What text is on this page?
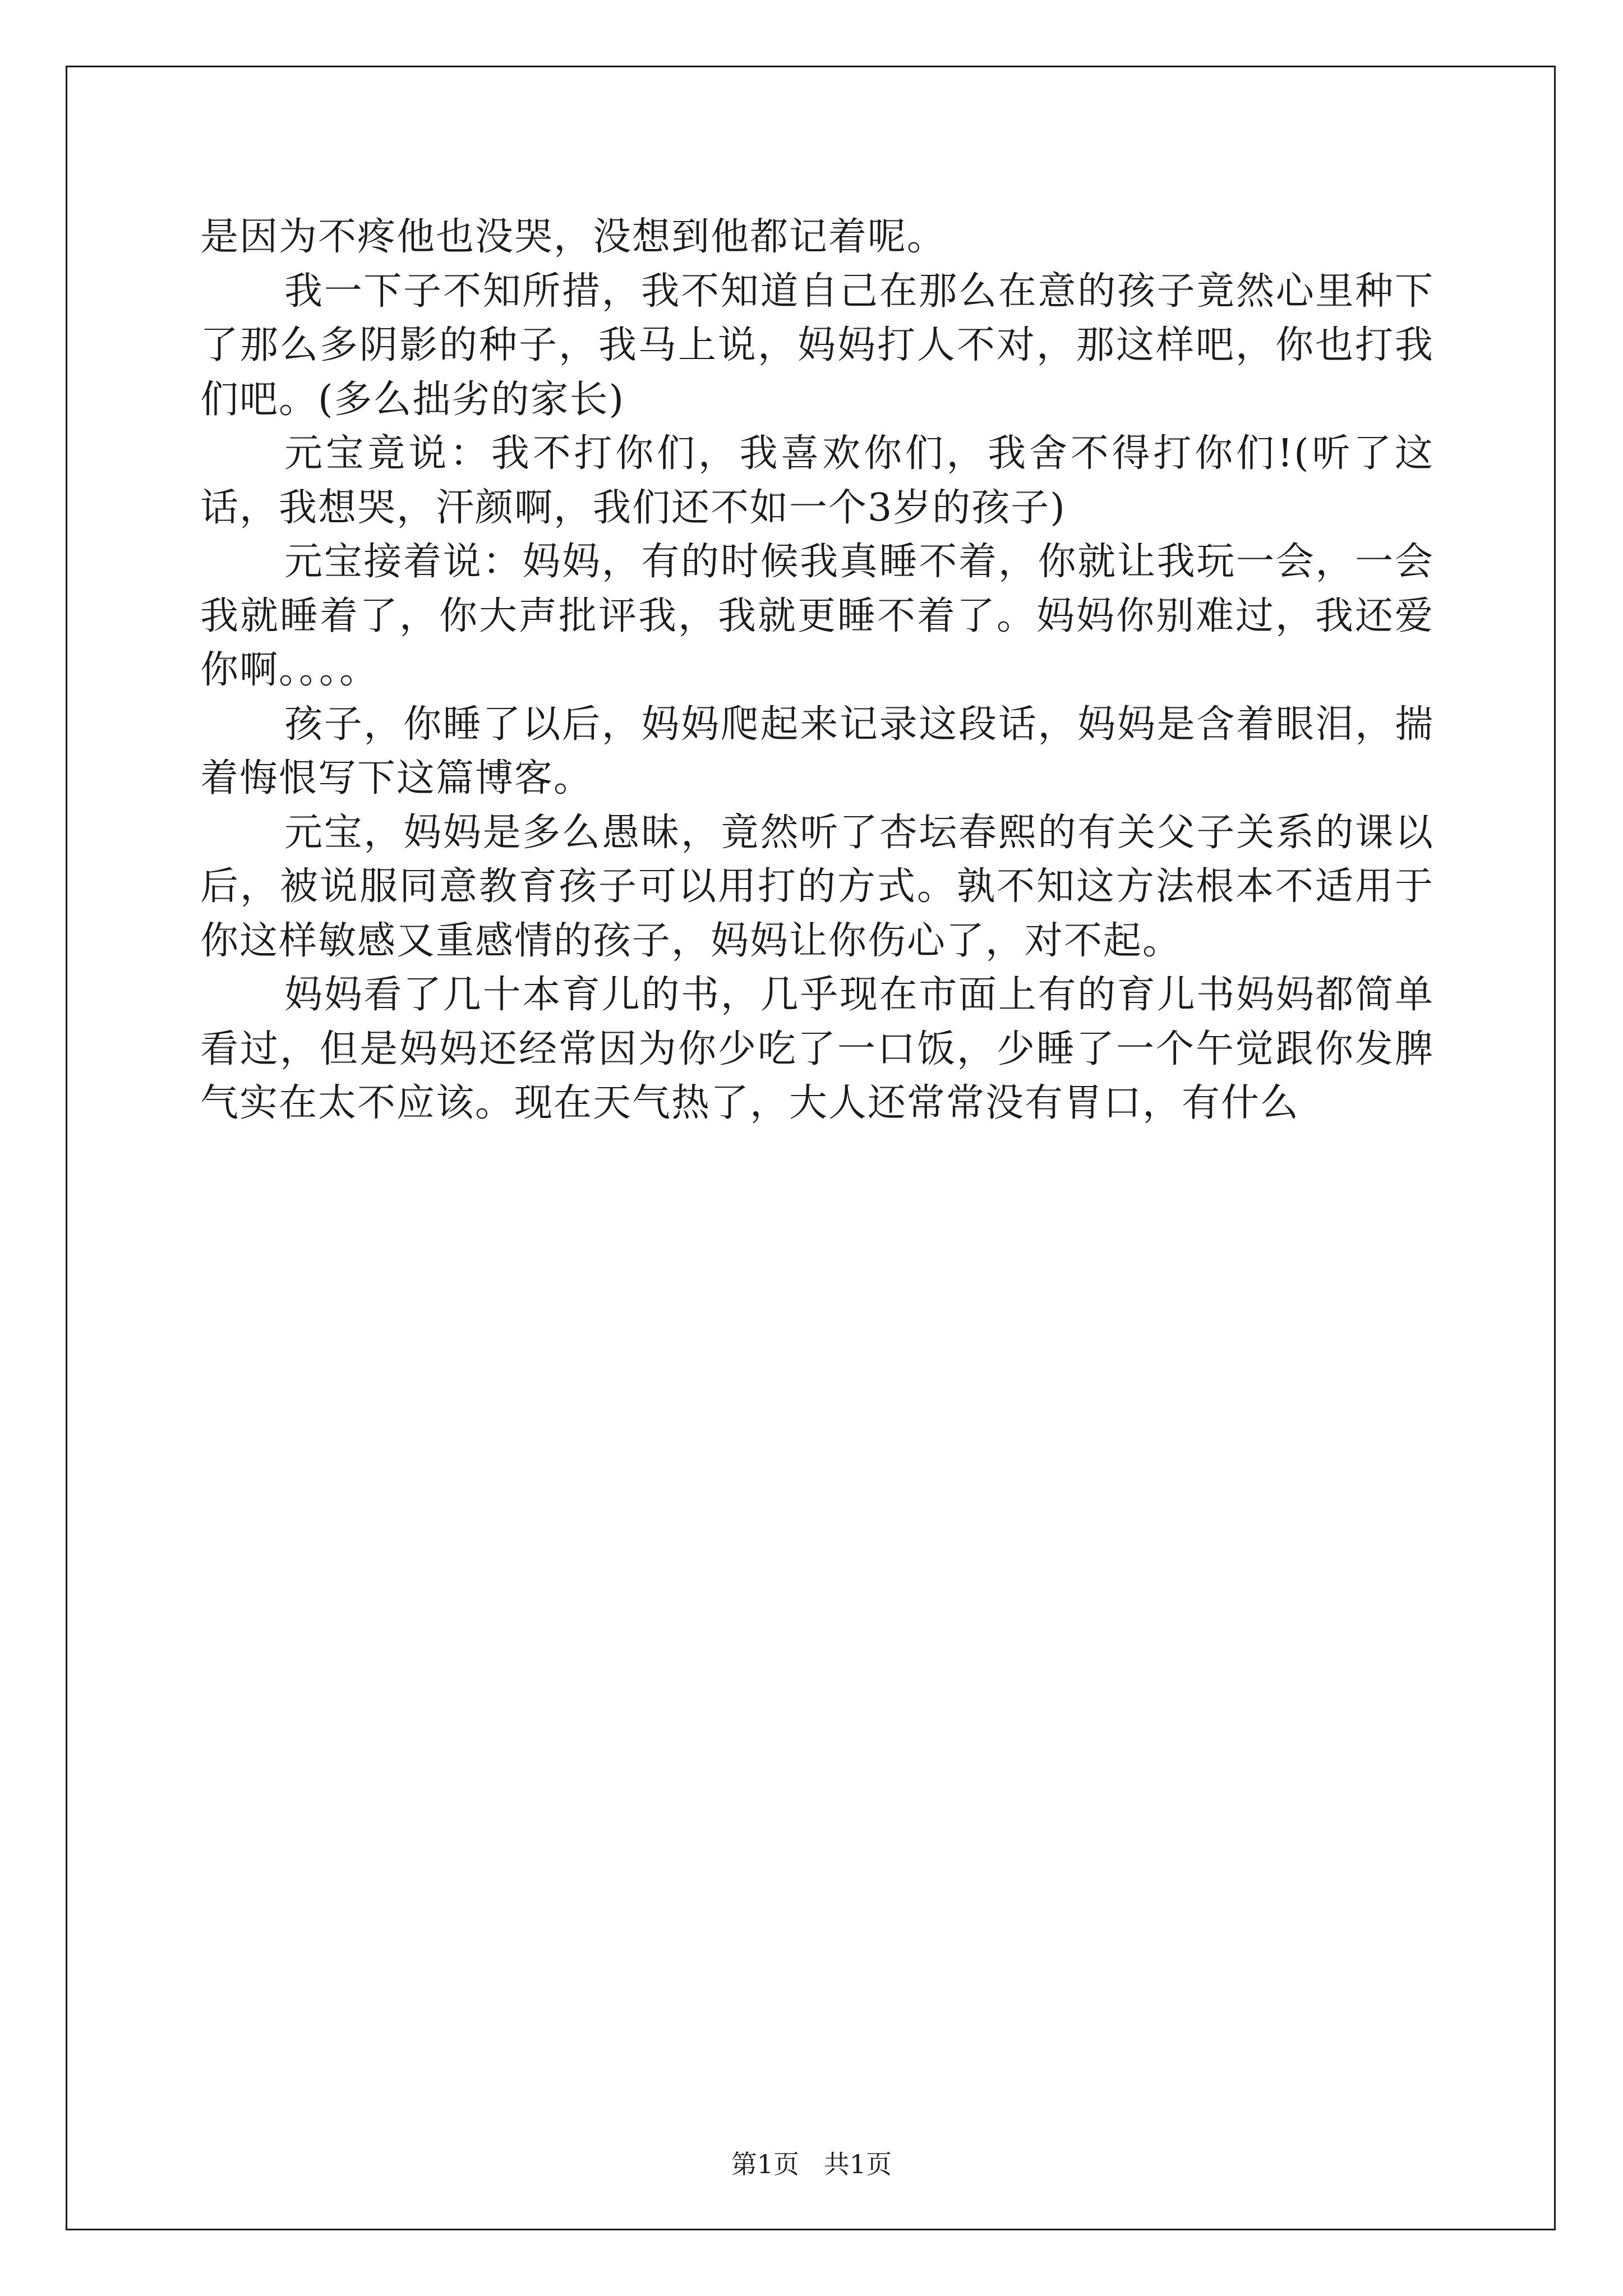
是因为不疼他也没哭，没想到他都记着呢。

我一下子不知所措，我不知道自己在那么在意的孩子竟然心里种下了那么多阴影的种子，我马上说，妈妈打人不对，那这样吧，你也打我们吧。(多么拙劣的家长)

元宝竟说：我不打你们，我喜欢你们，我舍不得打你们!(听了这话，我想哭，汗颜啊，我们还不如一个3岁的孩子)

元宝接着说：妈妈，有的时候我真睡不着，你就让我玩一会，一会我就睡着了，你大声批评我，我就更睡不着了。妈妈你别难过，我还爱你啊。。。。

孩子，你睡了以后，妈妈爬起来记录这段话，妈妈是含着眼泪，揣着悔恨写下这篇博客。

元宝，妈妈是多么愚昧，竟然听了杏坛春熙的有关父子关系的课以后，被说服同意教育孩子可以用打的方式。孰不知这方法根本不适用于你这样敏感又重感情的孩子，妈妈让你伤心了，对不起。

妈妈看了几十本育儿的书，几乎现在市面上有的育儿书妈妈都简单看过，但是妈妈还经常因为你少吃了一口饭，少睡了一个午觉跟你发脾气实在太不应该。现在天气热了，大人还常常没有胃口，有什么

第1页   共1页
